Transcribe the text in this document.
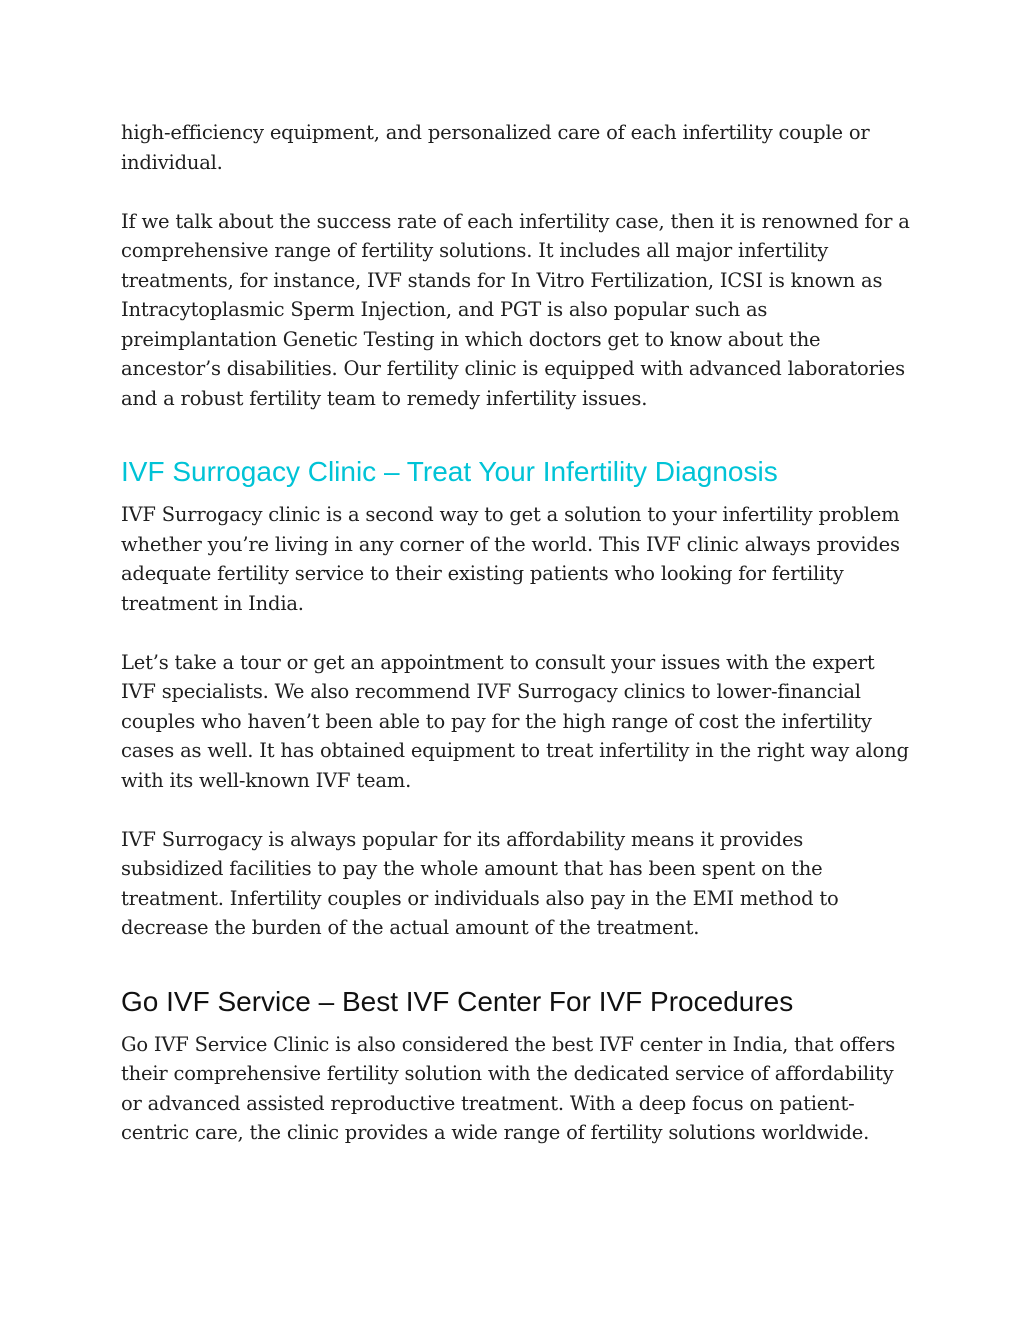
high-efficiency equipment, and personalized care of each infertility couple or individual.

If we talk about the success rate of each infertility case, then it is renowned for a comprehensive range of fertility solutions. It includes all major infertility treatments, for instance, IVF stands for In Vitro Fertilization, ICSI is known as Intracytoplasmic Sperm Injection, and PGT is also popular such as preimplantation Genetic Testing in which doctors get to know about the ancestor’s disabilities. Our fertility clinic is equipped with advanced laboratories and a robust fertility team to remedy infertility issues.

IVF Surrogacy Clinic – Treat Your Infertility Diagnosis

IVF Surrogacy clinic is a second way to get a solution to your infertility problem whether you’re living in any corner of the world. This IVF clinic always provides adequate fertility service to their existing patients who looking for fertility treatment in India.

Let’s take a tour or get an appointment to consult your issues with the expert IVF specialists. We also recommend IVF Surrogacy clinics to lower-financial couples who haven’t been able to pay for the high range of cost the infertility cases as well. It has obtained equipment to treat infertility in the right way along with its well-known IVF team.

IVF Surrogacy is always popular for its affordability means it provides subsidized facilities to pay the whole amount that has been spent on the treatment. Infertility couples or individuals also pay in the EMI method to decrease the burden of the actual amount of the treatment.

Go IVF Service – Best IVF Center For IVF Procedures

Go IVF Service Clinic is also considered the best IVF center in India, that offers their comprehensive fertility solution with the dedicated service of affordability or advanced assisted reproductive treatment. With a deep focus on patient-centric care, the clinic provides a wide range of fertility solutions worldwide.
